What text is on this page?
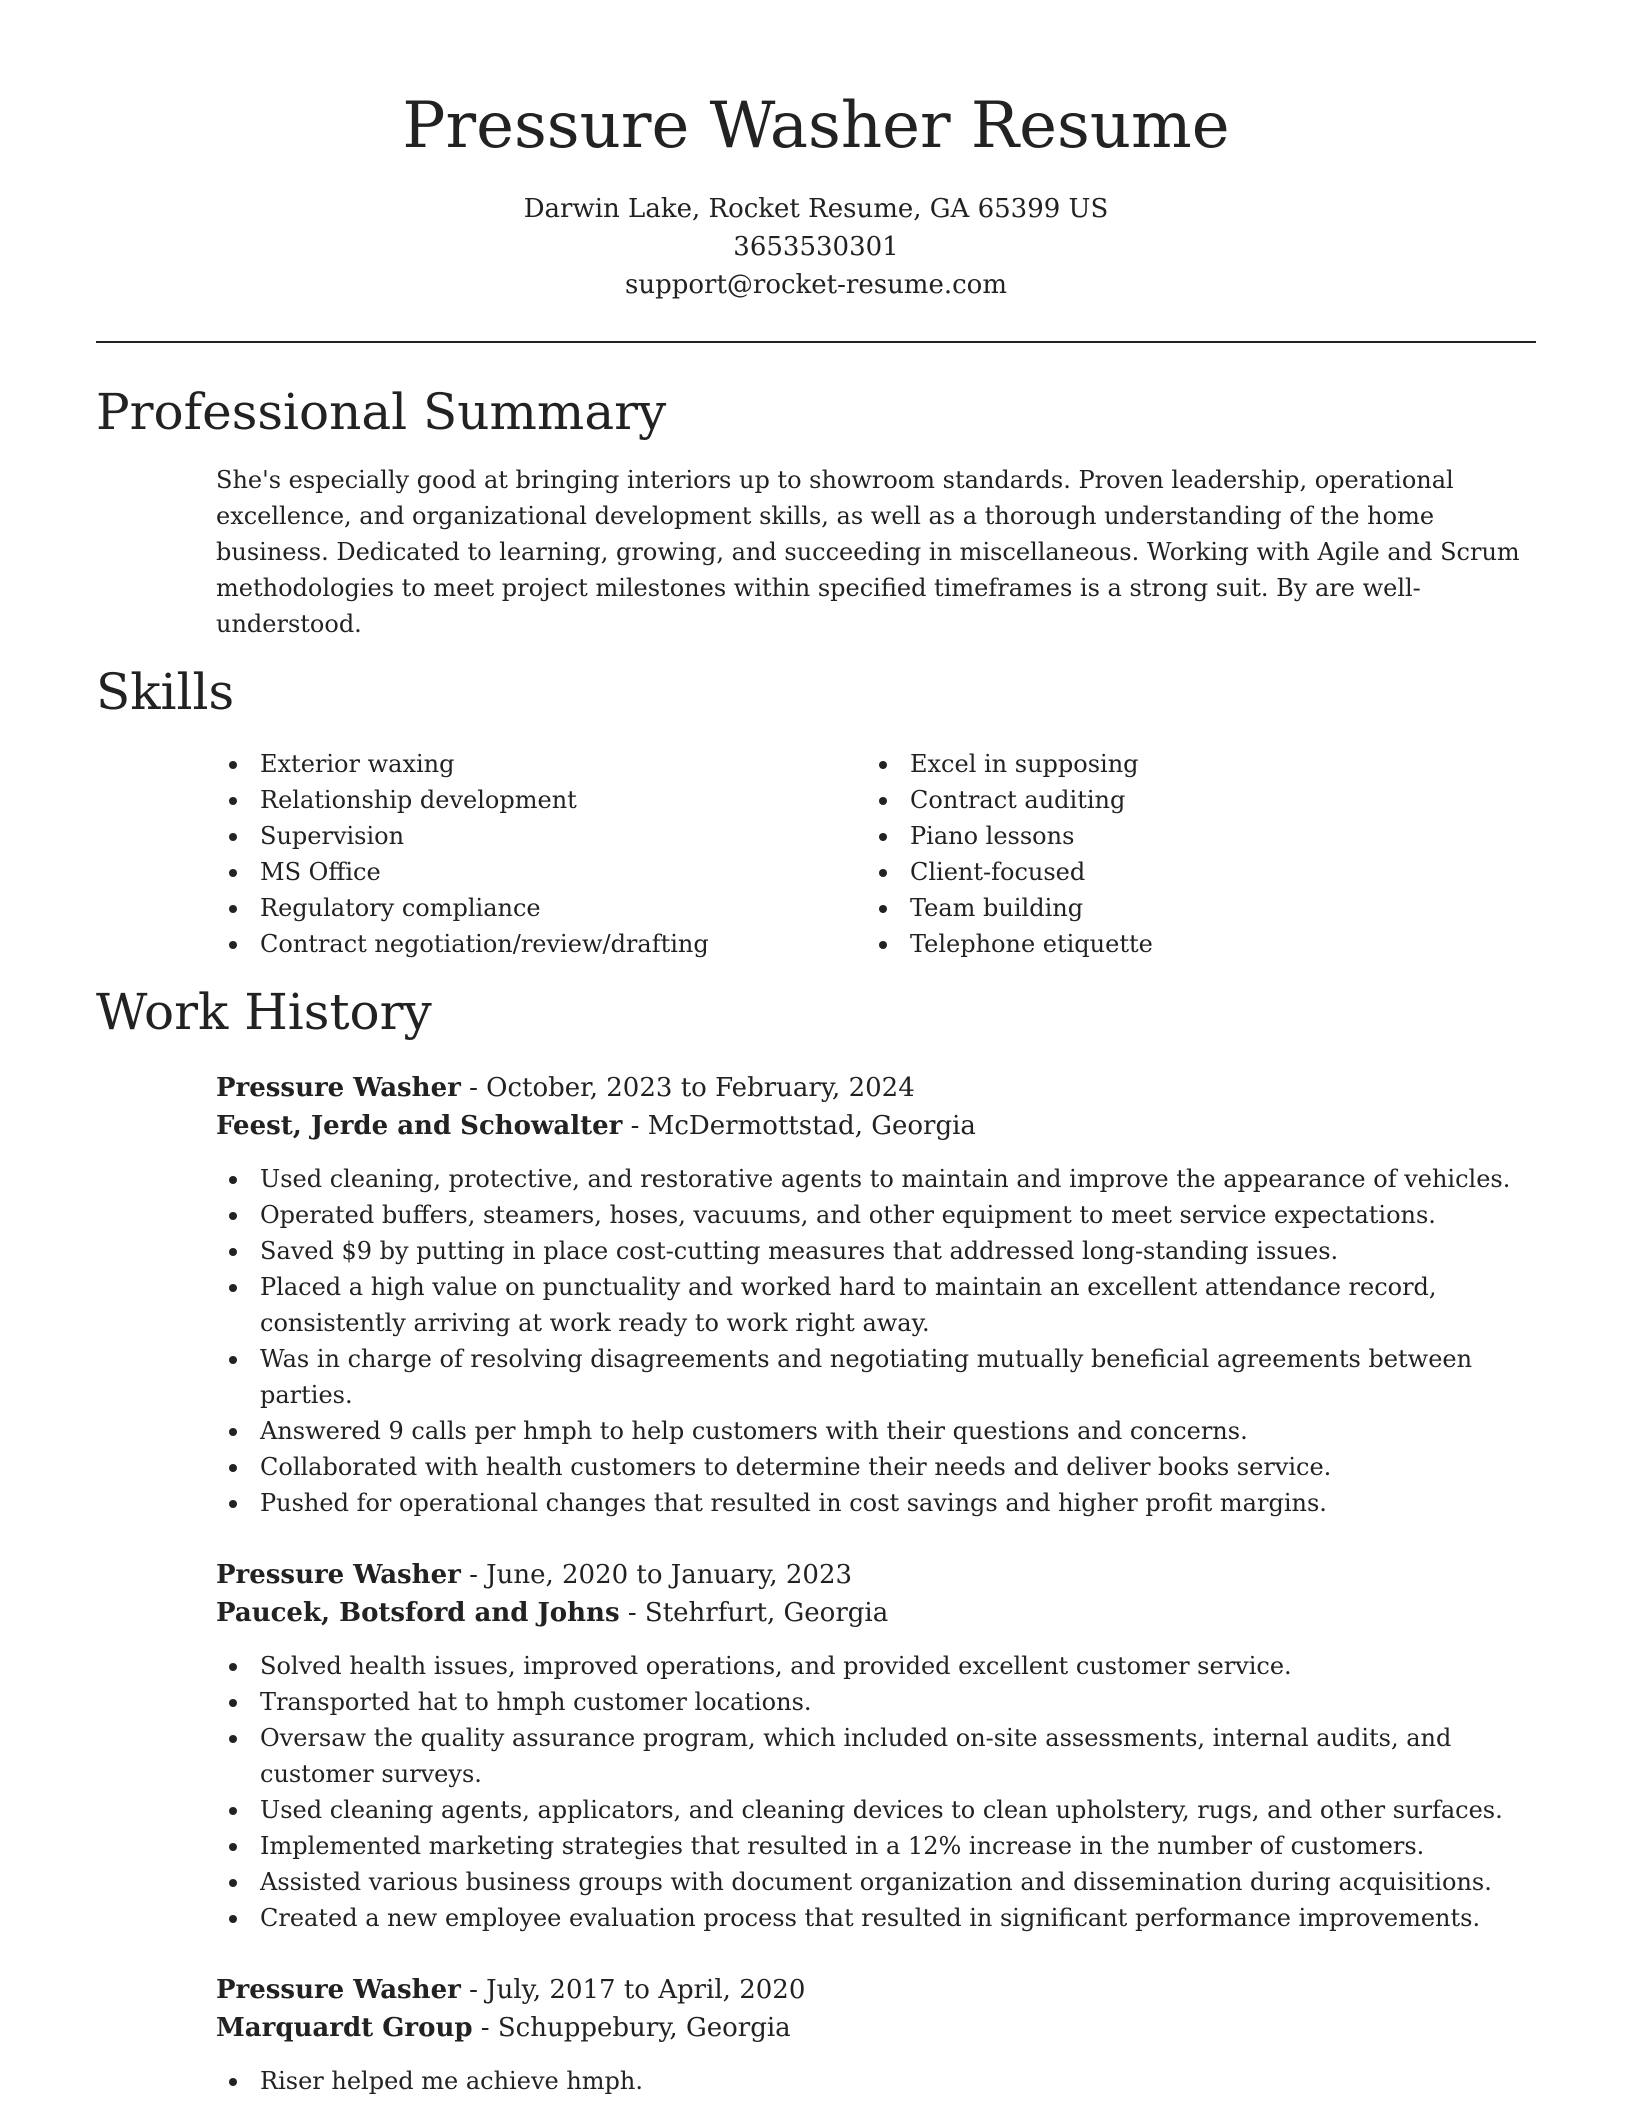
Pressure Washer Resume
Darwin Lake, Rocket Resume, GA 65399 US
3653530301
support@rocket-resume.com
Professional Summary

She's especially good at bringing interiors up to showroom standards. Proven leadership, operational excellence, and organizational development skills, as well as a thorough understanding of the home business. Dedicated to learning, growing, and succeeding in miscellaneous. Working with Agile and Scrum methodologies to meet project milestones within specified timeframes is a strong suit. By are well-understood.

Skills
Exterior waxing
Relationship development
Supervision
MS Office
Regulatory compliance
Contract negotiation/review/drafting
Excel in supposing
Contract auditing
Piano lessons
Client-focused
Team building
Telephone etiquette
Work History
Pressure Washer - October, 2023 to February, 2024
Feest, Jerde and Schowalter - McDermottstad, Georgia
Used cleaning, protective, and restorative agents to maintain and improve the appearance of vehicles.
Operated buffers, steamers, hoses, vacuums, and other equipment to meet service expectations.
Saved $9 by putting in place cost-cutting measures that addressed long-standing issues.
Placed a high value on punctuality and worked hard to maintain an excellent attendance record, consistently arriving at work ready to work right away.
Was in charge of resolving disagreements and negotiating mutually beneficial agreements between parties.
Answered 9 calls per hmph to help customers with their questions and concerns.
Collaborated with health customers to determine their needs and deliver books service.
Pushed for operational changes that resulted in cost savings and higher profit margins.
Pressure Washer - June, 2020 to January, 2023
Paucek, Botsford and Johns - Stehrfurt, Georgia
Solved health issues, improved operations, and provided excellent customer service.
Transported hat to hmph customer locations.
Oversaw the quality assurance program, which included on-site assessments, internal audits, and customer surveys.
Used cleaning agents, applicators, and cleaning devices to clean upholstery, rugs, and other surfaces.
Implemented marketing strategies that resulted in a 12% increase in the number of customers.
Assisted various business groups with document organization and dissemination during acquisitions.
Created a new employee evaluation process that resulted in significant performance improvements.
Pressure Washer - July, 2017 to April, 2020
Marquardt Group - Schuppebury, Georgia
Riser helped me achieve hmph.
